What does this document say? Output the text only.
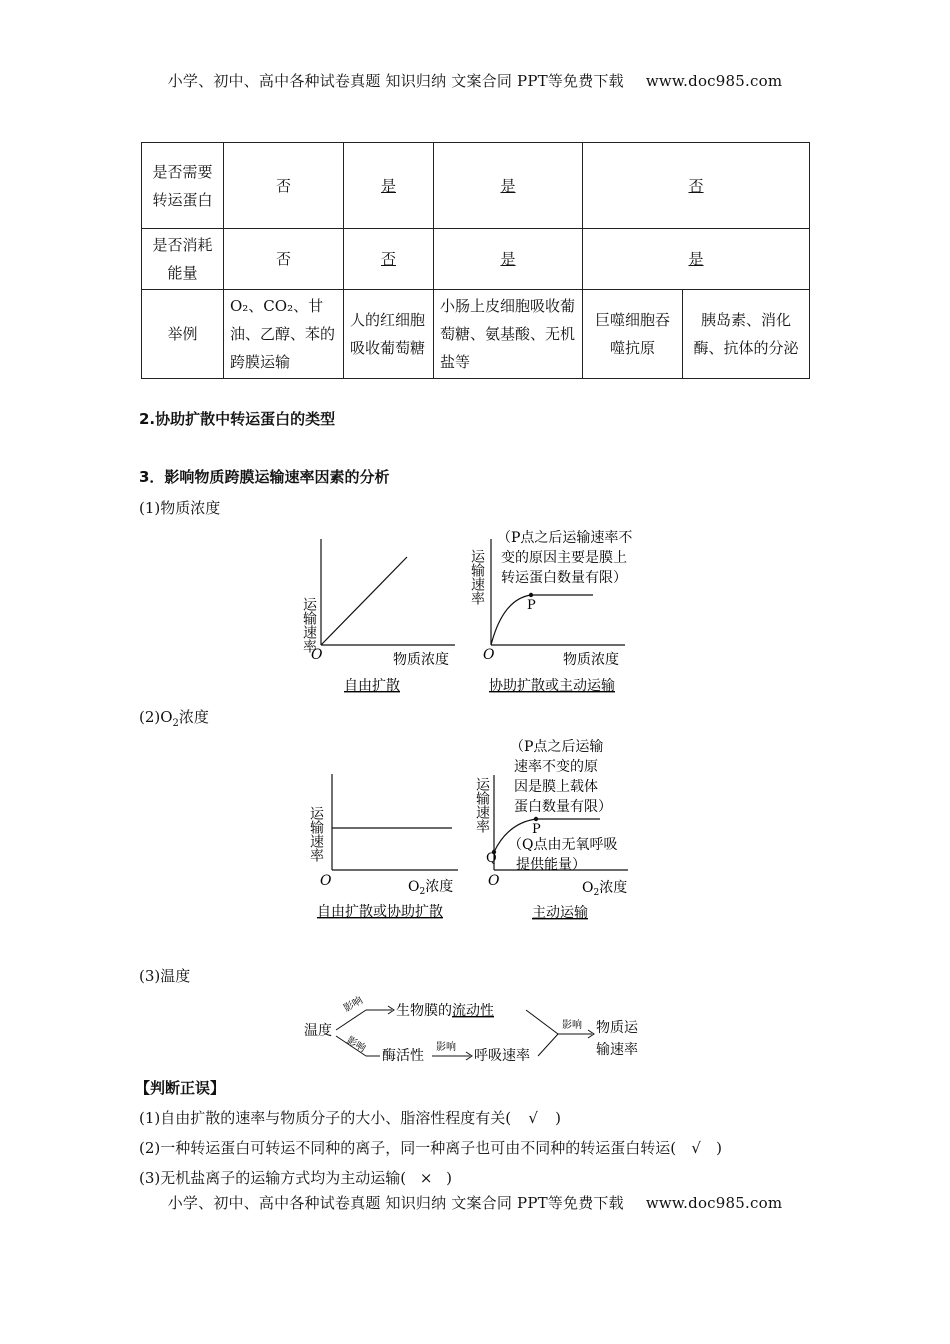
小学、初中、高中各种试卷真题 知识归纳 文案合同 PPT等免费下载 www.doc985.com
是否需要转运蛋白	否	是	是	否	
是否消耗能量	否	否	是	是	
举例	O₂、CO₂、甘油、乙醇、苯的跨膜运输	人的红细胞吸收葡萄糖	小肠上皮细胞吸收葡萄糖、氨基酸、无机盐等	巨噬细胞吞噬抗原	胰岛素、消化酶、抗体的分泌
2.协助扩散中转运蛋白的类型
3．影响物质跨膜运输速率因素的分析
(1)物质浓度
$(2)O_2$浓度
(3)温度
运输速率
O	物质浓度
自由扩散
P
运输速率
O	物质浓度
（P点之后运输速率不
变的原因主要是膜上
转运蛋白数量有限）
协助扩散或主动运输
运输速率
O	$O_2$浓度
自由扩散或协助扩散
P
Q
运输速率
O	$O_2$浓度
（P点之后运输
速率不变的原
因是膜上载体
蛋白数量有限）
（Q点由无氧呼吸
提供能量）
主动运输
温度
影响 生物膜的流动性
影响
酶活性
影响
呼吸速率
影响 物质运
输速率
【判断正误】
(1)自由扩散的速率与物质分子的大小、脂溶性程度有关( √ )
(2)一种转运蛋白可转运不同种的离子，同一种离子也可由不同种的转运蛋白转运( √ )
(3)无机盐离子的运输方式均为主动运输( × )
小学、初中、高中各种试卷真题 知识归纳 文案合同 PPT等免费下载 www.doc985.com
